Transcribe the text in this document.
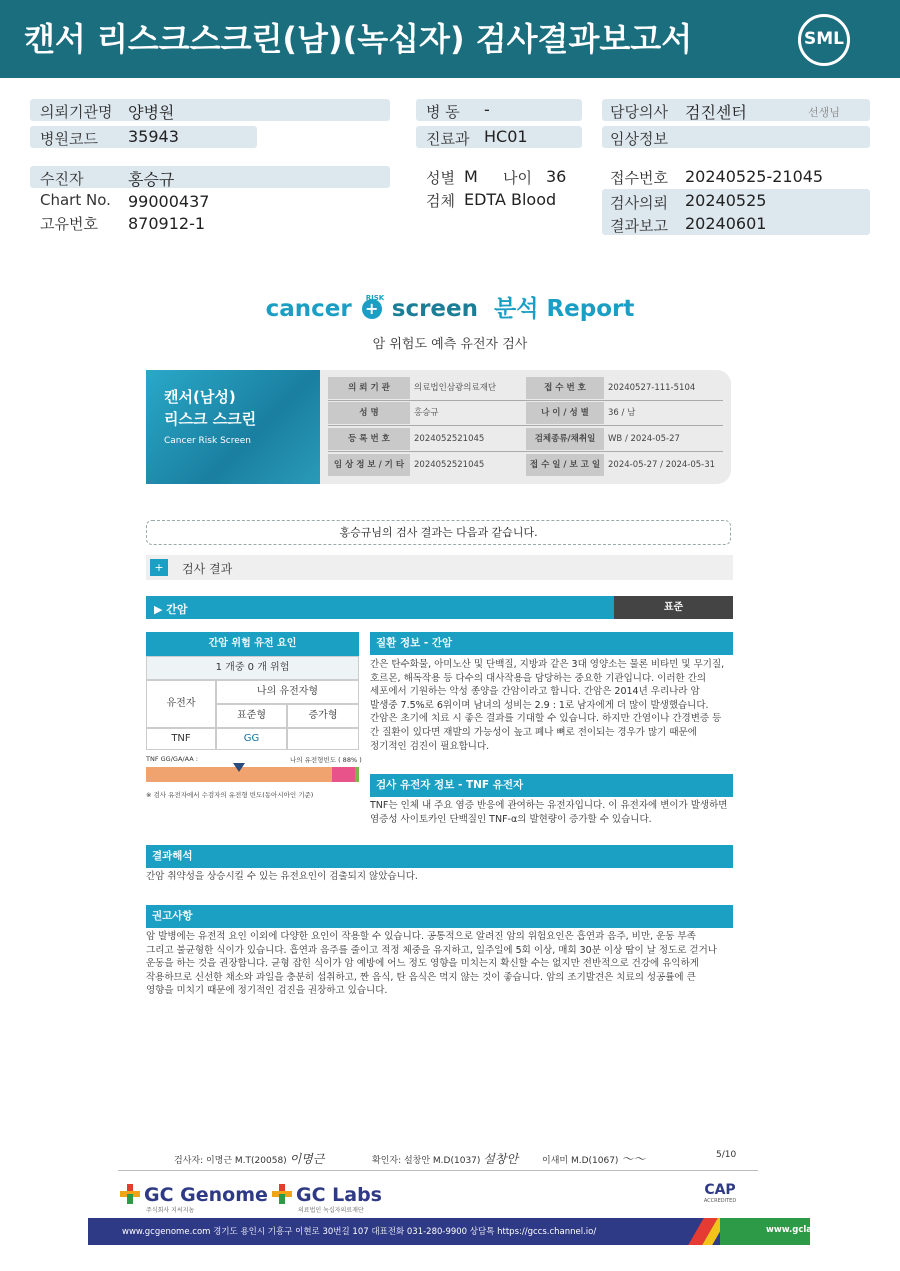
캔서 리스크스크린(남)(녹십자) 검사결과보고서	SML
의뢰기관명 양병원
병원코드 35943
병 동 -
진료과 HC01
담당의사 검진센터	선생님
임상정보
수진자	홍승규
Chart No. 99000437
고유번호 870912-1
성별 M 나이 36
검체 EDTA Blood
접수번호 20240525-21045
검사의뢰 20240525
결과보고 20240601
cancer +
RISK screen 분석 Report
암 위험도 예측 유전자 검사
캔서(남성)
리스크 스크린
Cancer Risk Screen
의 뢰 기 관	의료법인삼광의료재단	접 수 번 호	20240527-111-5104
성 명	홍승규	나 이 / 성 별	36 / 남
등 록 번 호	2024052521045	검체종류/채취일	WB / 2024-05-27
임 상 정 보 / 기 타	2024052521045	접 수 일 / 보 고 일 2024-05-27 / 2024-05-31
홍승규님의 검사 결과는 다음과 같습니다.
+	검사 결과
▶ 간암	표준
간암 위험 유전 요인
1 개중 0 개 위험
유전자
나의 유전자형
표준형	증가형
TNF	GG
TNF GG/GA/AA :	나의 유전형빈도 ( 88% )
※ 검사 유전자에서 수검자의 유전형 빈도(동아시아인 기준)
질환 정보 - 간암
간은 탄수화물, 아미노산 및 단백질, 지방과 같은 3대 영양소는 물론 비타민 및 무기질,
호르몬, 해독작용 등 다수의 대사작용을 담당하는 중요한 기관입니다. 이러한 간의
세포에서 기원하는 악성 종양을 간암이라고 합니다. 간암은 2014년 우리나라 암
발생중 7.5%로 6위이며 남녀의 성비는 2.9 : 1로 남자에게 더 많이 발생했습니다.
간암은 초기에 치료 시 좋은 결과를 기대할 수 있습니다. 하지만 간염이나 간경변증 등
간 질환이 있다면 재발의 가능성이 높고 폐나 뼈로 전이되는 경우가 많기 때문에
정기적인 검진이 필요합니다.
검사 유전자 정보 - TNF 유전자
TNF는 인체 내 주요 염증 반응에 관여하는 유전자입니다. 이 유전자에 변이가 발생하면
염증성 사이토카인 단백질인 TNF-α의 발현량이 증가할 수 있습니다.
결과해석
간암 취약성을 상승시킬 수 있는 유전요인이 검출되지 않았습니다.
권고사항
암 발병에는 유전적 요인 이외에 다양한 요인이 작용할 수 있습니다. 공통적으로 알려진 암의 위험요인은 흡연과 음주, 비만, 운동 부족
그리고 불균형한 식이가 있습니다. 흡연과 음주를 줄이고 적정 체중을 유지하고, 일주일에 5회 이상, 매회 30분 이상 땀이 날 정도로 걷거나
운동을 하는 것을 권장합니다. 균형 잡힌 식이가 암 예방에 어느 정도 영향을 미치는지 확신할 수는 없지만 전반적으로 건강에 유익하게
작용하므로 신선한 채소와 과일을 충분히 섭취하고, 짠 음식, 탄 음식은 먹지 않는 것이 좋습니다. 암의 조기발견은 치료의 성공률에 큰
영향을 미치기 때문에 정기적인 검진을 권장하고 있습니다.
검사자: 이명근 M.T(20058) 이명근	확인자: 설창안 M.D(1037) 설창안	이새미 M.D(1067) ～～	5/10
GC Genome
주식회사 지씨지놈
GC Labs
의료법인 녹십자의료재단
CAP
ACCREDITED
www.gcgenome.com 경기도 용인시 기흥구 이현로 30번길 107 대표전화 031-280-9900 상담톡 https://gccs.channel.io/	www.gclabs.co.kr
